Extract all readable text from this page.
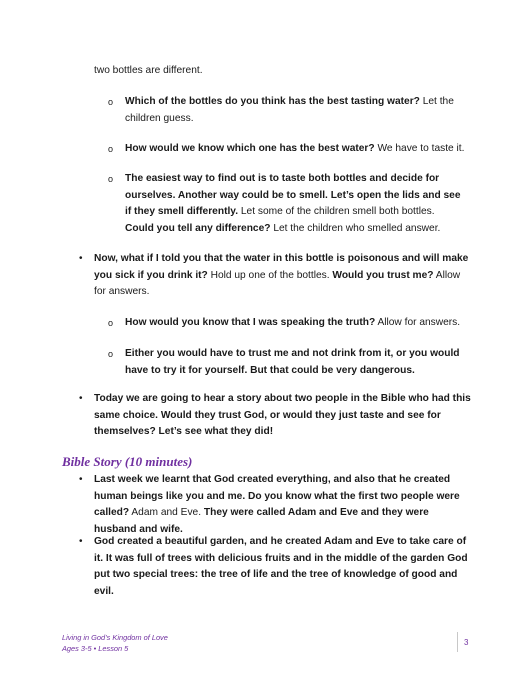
two bottles are different.
o Which of the bottles do you think has the best tasting water? Let the children guess.
o How would we know which one has the best water? We have to taste it.
o The easiest way to find out is to taste both bottles and decide for ourselves. Another way could be to smell. Let’s open the lids and see if they smell differently. Let some of the children smell both bottles. Could you tell any difference? Let the children who smelled answer.
• Now, what if I told you that the water in this bottle is poisonous and will make you sick if you drink it? Hold up one of the bottles. Would you trust me? Allow for answers.
o How would you know that I was speaking the truth? Allow for answers.
o Either you would have to trust me and not drink from it, or you would have to try it for yourself. But that could be very dangerous.
• Today we are going to hear a story about two people in the Bible who had this same choice. Would they trust God, or would they just taste and see for themselves? Let’s see what they did!
Bible Story (10 minutes)
• Last week we learnt that God created everything, and also that he created human beings like you and me. Do you know what the first two people were called? Adam and Eve. They were called Adam and Eve and they were husband and wife.
• God created a beautiful garden, and he created Adam and Eve to take care of it. It was full of trees with delicious fruits and in the middle of the garden God put two special trees: the tree of life and the tree of knowledge of good and evil.
Living in God’s Kingdom of Love
Ages 3-5 • Lesson 5
3
